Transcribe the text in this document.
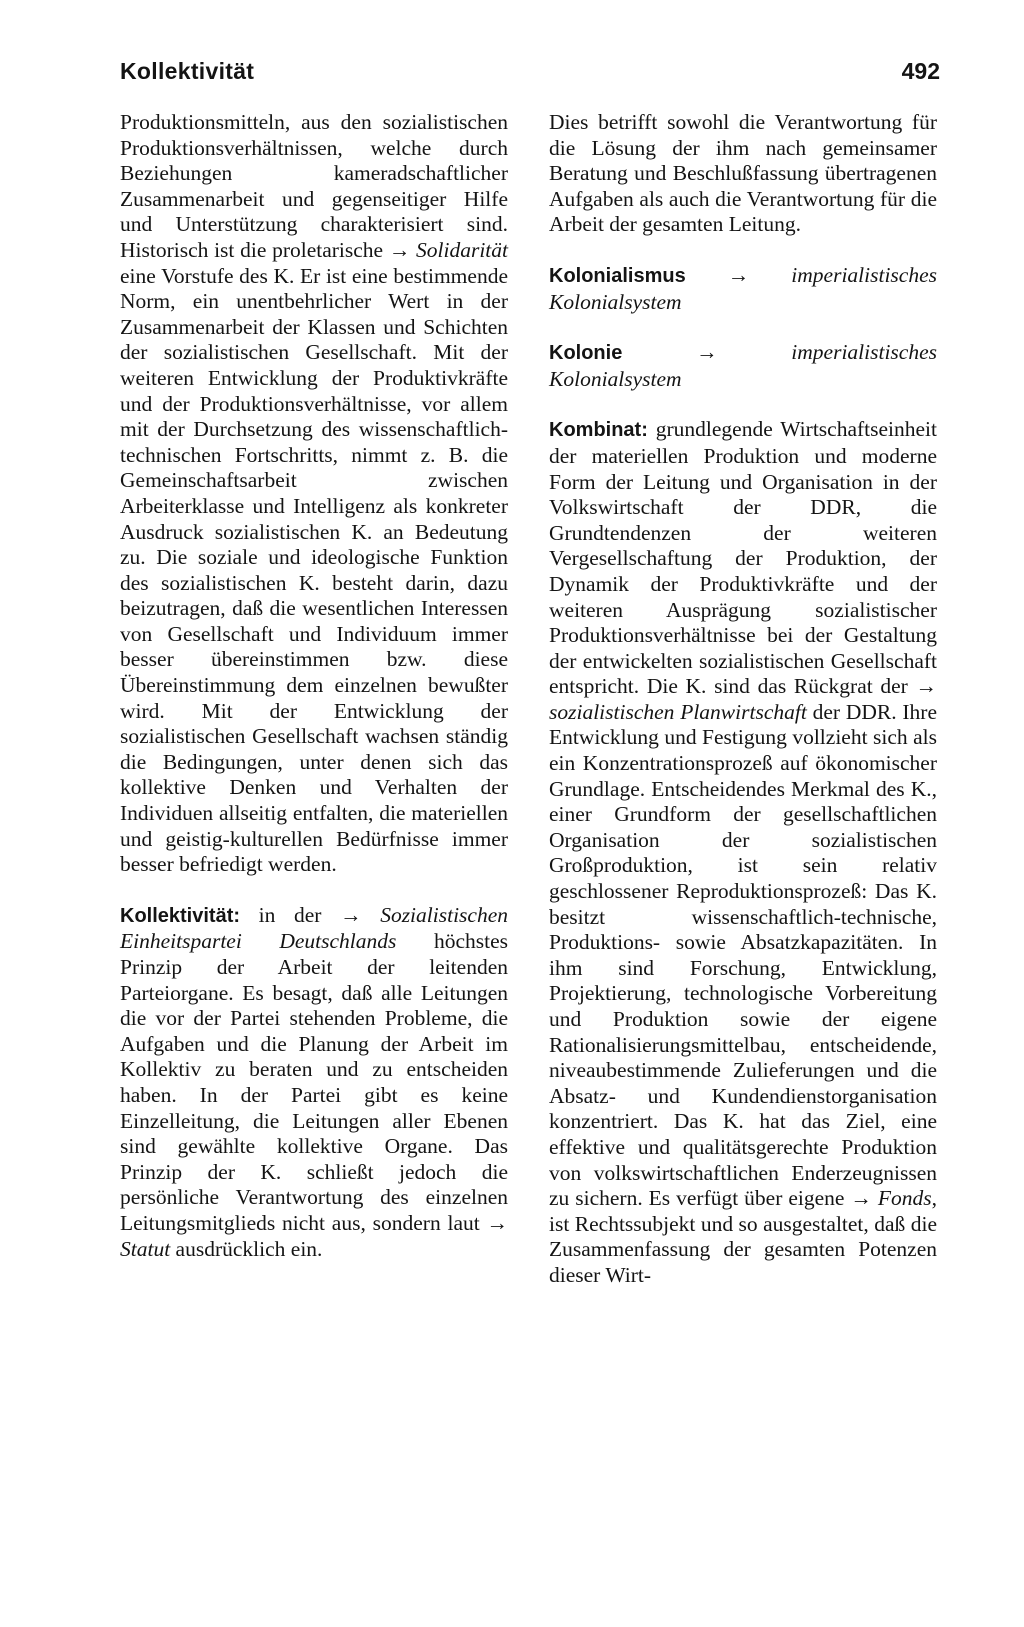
Kollektivität	492

Produktionsmitteln, aus den sozialistischen Produktionsverhältnissen, welche durch Beziehungen kameradschaftlicher Zusammenarbeit und gegenseitiger Hilfe und Unterstützung charakterisiert sind. Historisch ist die proletarische → Solidarität eine Vorstufe des K. Er ist eine bestimmende Norm, ein unentbehrlicher Wert in der Zusammenarbeit der Klassen und Schichten der sozialistischen Gesellschaft. Mit der weiteren Entwicklung der Produktivkräfte und der Produktionsverhältnisse, vor allem mit der Durchsetzung des wissenschaftlich-technischen Fortschritts, nimmt z. B. die Gemeinschaftsarbeit zwischen Arbeiterklasse und Intelligenz als konkreter Ausdruck sozialistischen K. an Bedeutung zu. Die soziale und ideologische Funktion des sozialistischen K. besteht darin, dazu beizutragen, daß die wesentlichen Interessen von Gesellschaft und Individuum immer besser übereinstimmen bzw. diese Übereinstimmung dem einzelnen bewußter wird. Mit der Entwicklung der sozialistischen Gesellschaft wachsen ständig die Bedingungen, unter denen sich das kollektive Denken und Verhalten der Individuen allseitig entfalten, die materiellen und geistig-kulturellen Bedürfnisse immer besser befriedigt werden.

Kollektivität: in der → Sozialistischen Einheitspartei Deutschlands höchstes Prinzip der Arbeit der leitenden Parteiorgane. Es besagt, daß alle Leitungen die vor der Partei stehenden Probleme, die Aufgaben und die Planung der Arbeit im Kollektiv zu beraten und zu entscheiden haben. In der Partei gibt es keine Einzelleitung, die Leitungen aller Ebenen sind gewählte kollektive Organe. Das Prinzip der K. schließt jedoch die persönliche Verantwortung des einzelnen Leitungsmitglieds nicht aus, sondern laut → Statut ausdrücklich ein.

Dies betrifft sowohl die Verantwortung für die Lösung der ihm nach gemeinsamer Beratung und Beschlußfassung übertragenen Aufgaben als auch die Verantwortung für die Arbeit der gesamten Leitung.

Kolonialismus → imperialistisches Kolonialsystem

Kolonie → imperialistisches Kolonialsystem

Kombinat: grundlegende Wirtschaftseinheit der materiellen Produktion und moderne Form der Leitung und Organisation in der Volkswirtschaft der DDR, die Grundtendenzen der weiteren Vergesellschaftung der Produktion, der Dynamik der Produktivkräfte und der weiteren Ausprägung sozialistischer Produktionsverhältnisse bei der Gestaltung der entwickelten sozialistischen Gesellschaft entspricht. Die K. sind das Rückgrat der → sozialistischen Planwirtschaft der DDR. Ihre Entwicklung und Festigung vollzieht sich als ein Konzentrationsprozeß auf ökonomischer Grundlage. Entscheidendes Merkmal des K., einer Grundform der gesellschaftlichen Organisation der sozialistischen Großproduktion, ist sein relativ geschlossener Reproduktionsprozeß: Das K. besitzt wissenschaftlich-technische, Produktions- sowie Absatzkapazitäten. In ihm sind Forschung, Entwicklung, Projektierung, technologische Vorbereitung und Produktion sowie der eigene Rationalisierungsmittelbau, entscheidende, niveaubestimmende Zulieferungen und die Absatz- und Kundendienstorganisation konzentriert. Das K. hat das Ziel, eine effektive und qualitätsgerechte Produktion von volkswirtschaftlichen Enderzeugnissen zu sichern. Es verfügt über eigene → Fonds, ist Rechtssubjekt und so ausgestaltet, daß die Zusammenfassung der gesamten Potenzen dieser Wirt-
